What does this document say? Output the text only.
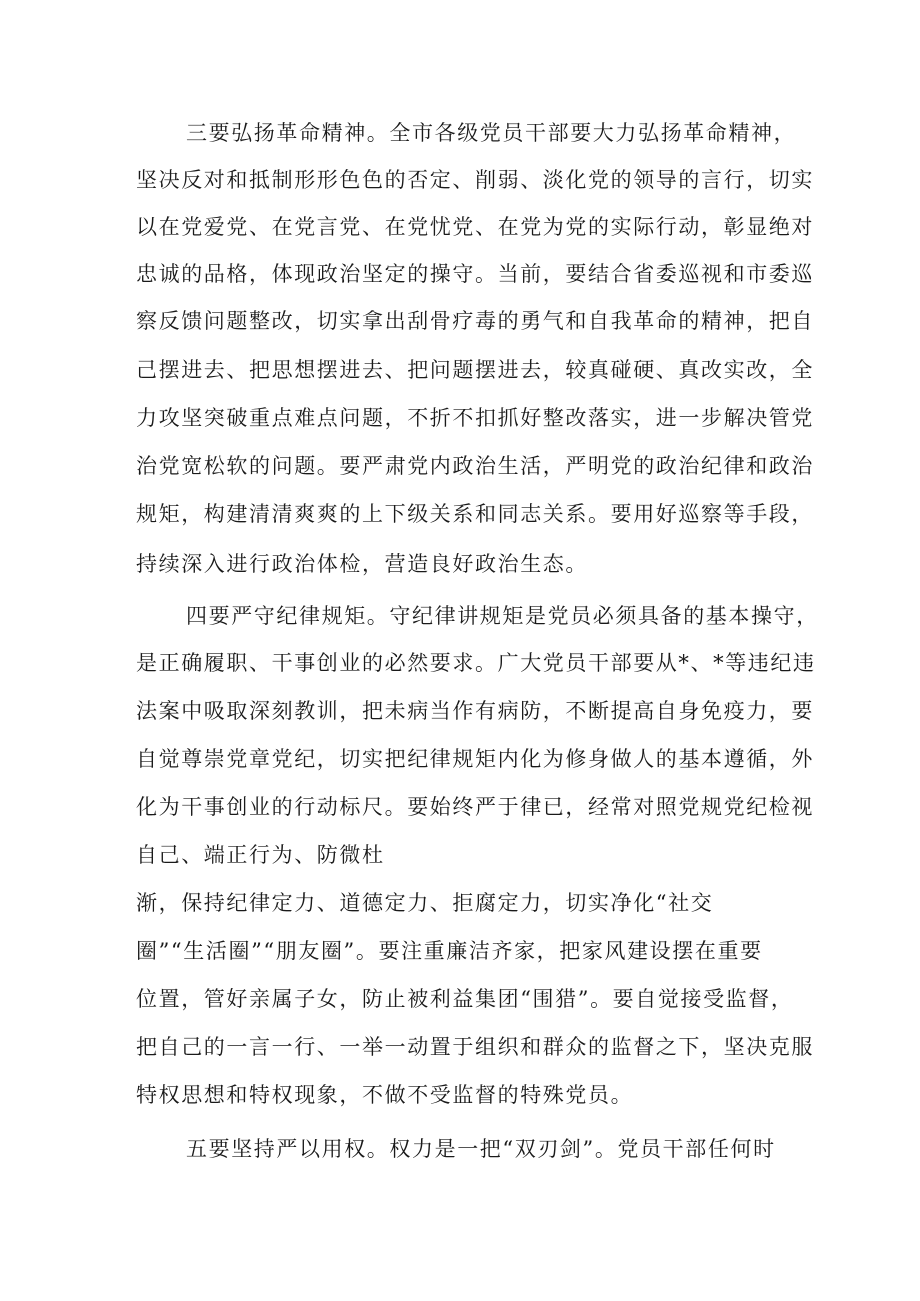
三要弘扬革命精神。全市各级党员干部要大力弘扬革命精神，
坚决反对和抵制形形色色的否定、削弱、淡化党的领导的言行，切实
以在党爱党、在党言党、在党忧党、在党为党的实际行动，彰显绝对
忠诚的品格，体现政治坚定的操守。当前，要结合省委巡视和市委巡
察反馈问题整改，切实拿出刮骨疗毒的勇气和自我革命的精神，把自
己摆进去、把思想摆进去、把问题摆进去，较真碰硬、真改实改，全
力攻坚突破重点难点问题，不折不扣抓好整改落实，进一步解决管党
治党宽松软的问题。要严肃党内政治生活，严明党的政治纪律和政治
规矩，构建清清爽爽的上下级关系和同志关系。要用好巡察等手段，
持续深入进行政治体检，营造良好政治生态。
四要严守纪律规矩。守纪律讲规矩是党员必须具备的基本操守，
是正确履职、干事创业的必然要求。广大党员干部要从*、*等违纪违
法案中吸取深刻教训，把未病当作有病防，不断提高自身免疫力，要
自觉尊崇党章党纪，切实把纪律规矩内化为修身做人的基本遵循，外
化为干事创业的行动标尺。要始终严于律已，经常对照党规党纪检视
自己、端正行为、防微杜
渐，保持纪律定力、道德定力、拒腐定力，切实净化“社交
圈”“生活圈”“朋友圈”。要注重廉洁齐家，把家风建设摆在重要
位置，管好亲属子女，防止被利益集团“围猎”。要自觉接受监督，
把自己的一言一行、一举一动置于组织和群众的监督之下，坚决克服
特权思想和特权现象，不做不受监督的特殊党员。
五要坚持严以用权。权力是一把“双刃剑”。党员干部任何时
